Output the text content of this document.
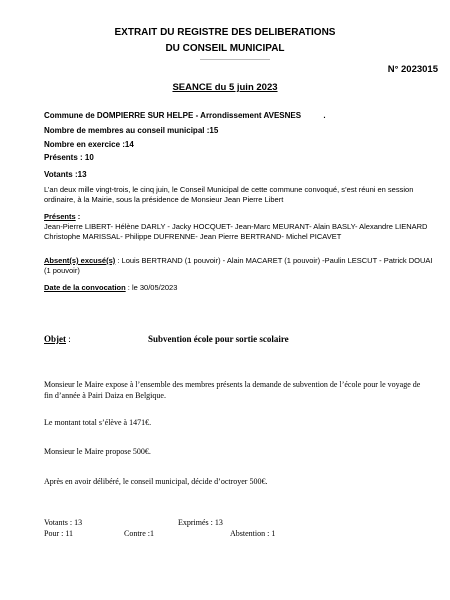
EXTRAIT DU REGISTRE DES DELIBERATIONS
DU CONSEIL MUNICIPAL
N° 2023015
SEANCE du 5 juin 2023
Commune de DOMPIERRE SUR HELPE - Arrondissement AVESNES	.
Nombre de membres au conseil municipal :15
Nombre en exercice :14
Présents : 10
Votants :13
L’an deux mille vingt-trois, le cinq juin, le Conseil Municipal de cette commune convoqué, s’est réuni en session
ordinaire, à la Mairie, sous la présidence de Monsieur Jean Pierre Libert
Présents :
Jean-Pierre LIBERT- Hélène DARLY - Jacky HOCQUET- Jean-Marc MEURANT- Alain BASLY- Alexandre LIENARD
Christophe MARISSAL- Philippe DUFRENNE- Jean Pierre BERTRAND- Michel PICAVET
Absent(s) excusé(s) : Louis BERTRAND (1 pouvoir) - Alain MACARET (1 pouvoir) -Paulin LESCUT - Patrick DOUAI
(1 pouvoir)
Date de la convocation : le 30/05/2023
Objet :	Subvention école pour sortie scolaire
Monsieur le Maire expose à l’ensemble des membres présents la demande de subvention de l’école pour le voyage de
fin d’année à Pairi Daiza en Belgique.
Le montant total s’élève à 1471€.
Monsieur le Maire propose 500€.
Après en avoir délibéré, le conseil municipal, décide d’octroyer 500€.
Votants : 13	Exprimés : 13
Pour : 11	Contre :1	Abstention : 1
